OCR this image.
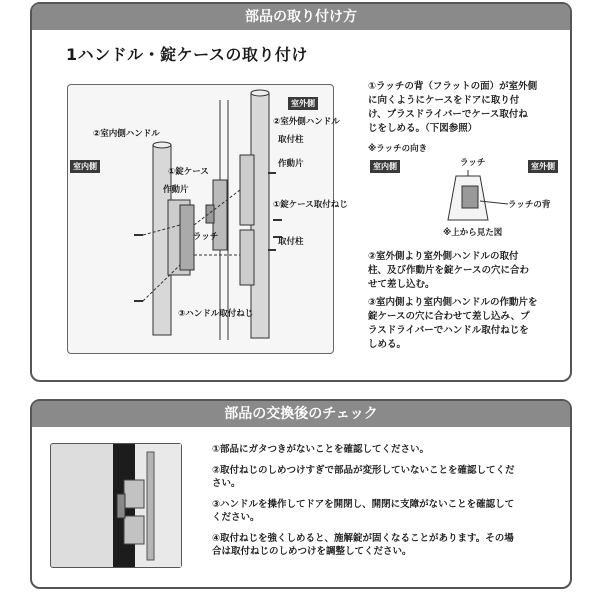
部品の取り付け方
1ハンドル・錠ケースの取り付け
室内側
室外側
②室内側ハンドル
②室外側ハンドル
取付柱
①錠ケース
作動片
作動片
ラッチ
①錠ケース取付ねじ
取付柱
③ハンドル取付ねじ
①ラッチの背（フラットの面）が室外側
に向くようにケースをドアに取り付
け、プラスドライバーでケース取付ね
じをしめる。（下図参照）
※ラッチの向き
室内側	室外側
ラッチ
ラッチの背
※上から見た図
②室外側より室外側ハンドルの取付
柱、及び作動片を錠ケースの穴に合わ
せて差し込む。
③室内側より室内側ハンドルの作動片を
錠ケースの穴に合わせて差し込み、プ
ラスドライバーでハンドル取付ねじを
しめる。
部品の交換後のチェック
①部品にガタつきがないことを確認してください。
②取付ねじのしめつけすぎで部品が変形していないことを確認してくだ
さい。
③ハンドルを操作してドアを開閉し、開閉に支障がないことを確認して
ください。
④取付ねじを強くしめると、施解錠が固くなることがあります。その場
合は取付ねじのしめつけを調整してください。
